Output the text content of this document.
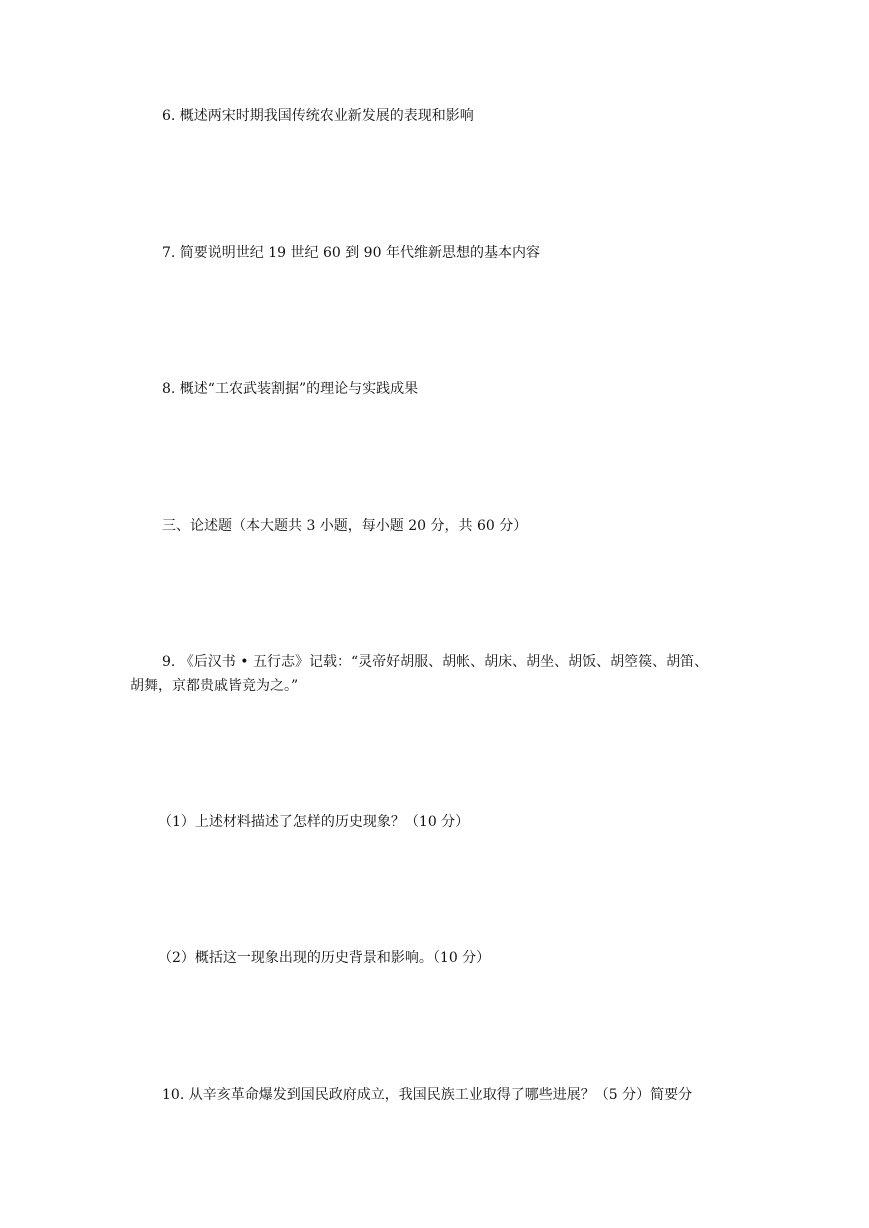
6. 概述两宋时期我国传统农业新发展的表现和影响
7. 简要说明世纪 19 世纪 60 到 90 年代维新思想的基本内容
8. 概述“工农武装割据”的理论与实践成果
三、论述题（本大题共 3 小题，每小题 20 分，共 60 分）
9. 《后汉书 • 五行志》记载：“灵帝好胡服、胡帐、胡床、胡坐、胡饭、胡箜篌、胡笛、
胡舞，京都贵戚皆竞为之。”
（1）上述材料描述了怎样的历史现象？（10 分）
（2）概括这一现象出现的历史背景和影响。（10 分）
10. 从辛亥革命爆发到国民政府成立，我国民族工业取得了哪些进展？（5 分）简要分
